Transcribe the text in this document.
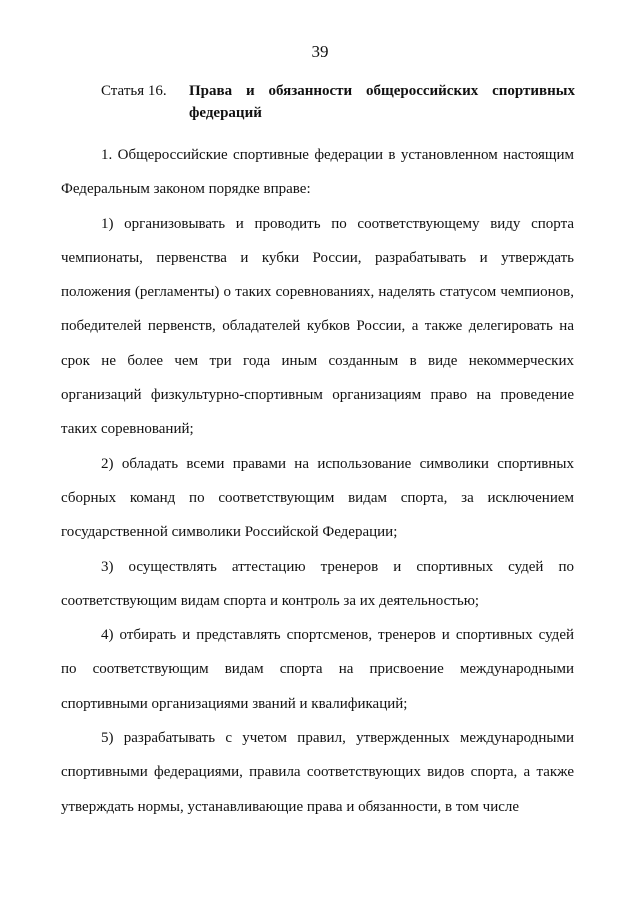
39
Статья 16. Права и обязанности общероссийских спортивных федераций

1. Общероссийские спортивные федерации в установленном настоящим Федеральным законом порядке вправе:

1) организовывать и проводить по соответствующему виду спорта чемпионаты, первенства и кубки России, разрабатывать и утверждать положения (регламенты) о таких соревнованиях, наделять статусом чемпионов, победителей первенств, обладателей кубков России, а также делегировать на срок не более чем три года иным созданным в виде некоммерческих организаций физкультурно-спортивным организациям право на проведение таких соревнований;

2) обладать всеми правами на использование символики спортивных сборных команд по соответствующим видам спорта, за исключением государственной символики Российской Федерации;

3) осуществлять аттестацию тренеров и спортивных судей по соответствующим видам спорта и контроль за их деятельностью;

4) отбирать и представлять спортсменов, тренеров и спортивных судей по соответствующим видам спорта на присвоение международными спортивными организациями званий и квалификаций;

5) разрабатывать с учетом правил, утвержденных международными спортивными федерациями, правила соответствующих видов спорта, а также утверждать нормы, устанавливающие права и обязанности, в том числе
